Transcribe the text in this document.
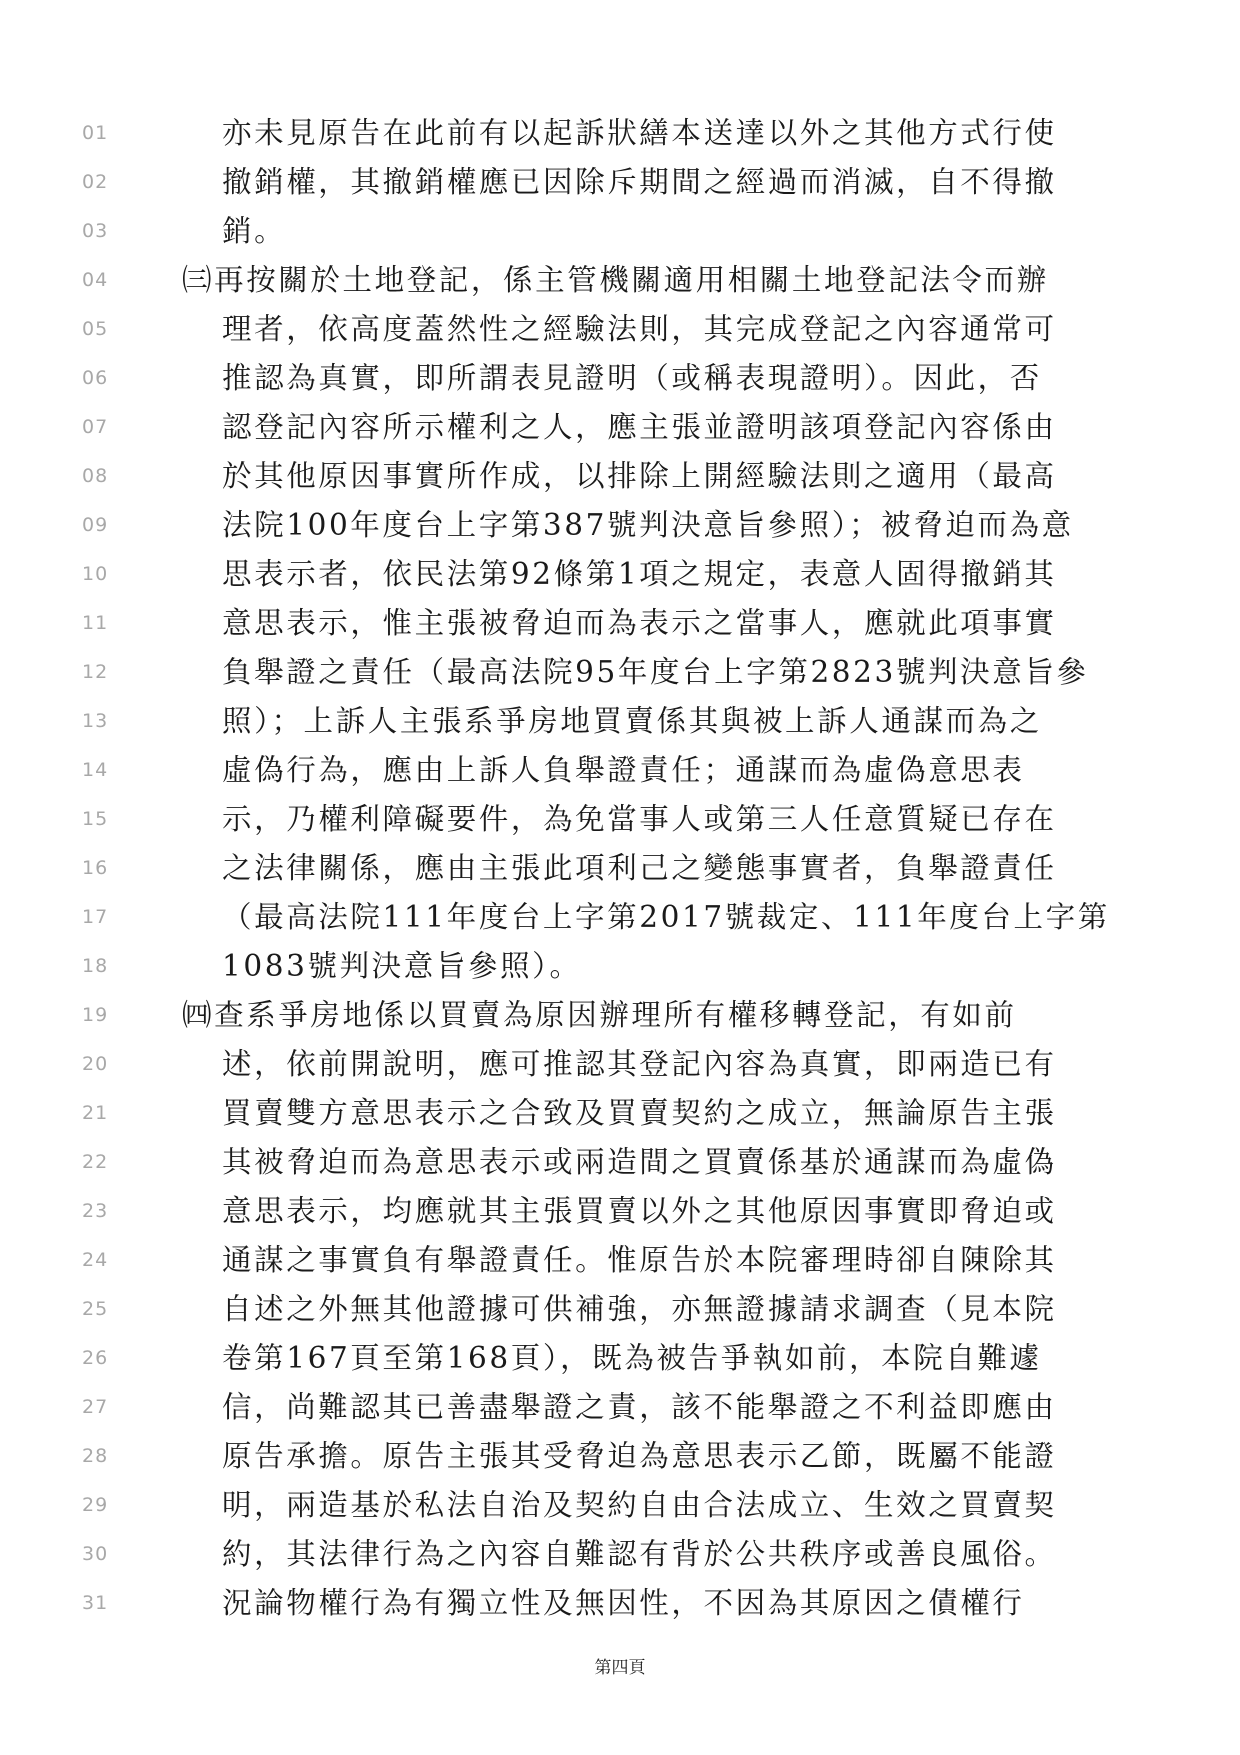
01	亦未見原告在此前有以起訴狀繕本送達以外之其他方式行使
02	撤銷權，其撤銷權應已因除斥期間之經過而消滅，自不得撤
03	銷。
04	㈢再按關於土地登記，係主管機關適用相關土地登記法令而辦
05	理者，依高度蓋然性之經驗法則，其完成登記之內容通常可
06	推認為真實，即所謂表見證明（或稱表現證明）。因此，否
07	認登記內容所示權利之人，應主張並證明該項登記內容係由
08	於其他原因事實所作成，以排除上開經驗法則之適用（最高
09	法院100年度台上字第387號判決意旨參照）；被脅迫而為意
10	思表示者，依民法第92條第1項之規定，表意人固得撤銷其
11	意思表示，惟主張被脅迫而為表示之當事人，應就此項事實
12	負舉證之責任（最高法院95年度台上字第2823號判決意旨參
13	照）；上訴人主張系爭房地買賣係其與被上訴人通謀而為之
14	虛偽行為，應由上訴人負舉證責任；通謀而為虛偽意思表
15	示，乃權利障礙要件，為免當事人或第三人任意質疑已存在
16	之法律關係，應由主張此項利己之變態事實者，負舉證責任
17	（最高法院111年度台上字第2017號裁定、111年度台上字第
18	1083號判決意旨參照）。
19	㈣查系爭房地係以買賣為原因辦理所有權移轉登記，有如前
20	述，依前開說明，應可推認其登記內容為真實，即兩造已有
21	買賣雙方意思表示之合致及買賣契約之成立，無論原告主張
22	其被脅迫而為意思表示或兩造間之買賣係基於通謀而為虛偽
23	意思表示，均應就其主張買賣以外之其他原因事實即脅迫或
24	通謀之事實負有舉證責任。惟原告於本院審理時卻自陳除其
25	自述之外無其他證據可供補強，亦無證據請求調查（見本院
26	卷第167頁至第168頁），既為被告爭執如前，本院自難遽
27	信，尚難認其已善盡舉證之責，該不能舉證之不利益即應由
28	原告承擔。原告主張其受脅迫為意思表示乙節，既屬不能證
29	明，兩造基於私法自治及契約自由合法成立、生效之買賣契
30	約，其法律行為之內容自難認有背於公共秩序或善良風俗。
31	況論物權行為有獨立性及無因性，不因為其原因之債權行
第四頁
